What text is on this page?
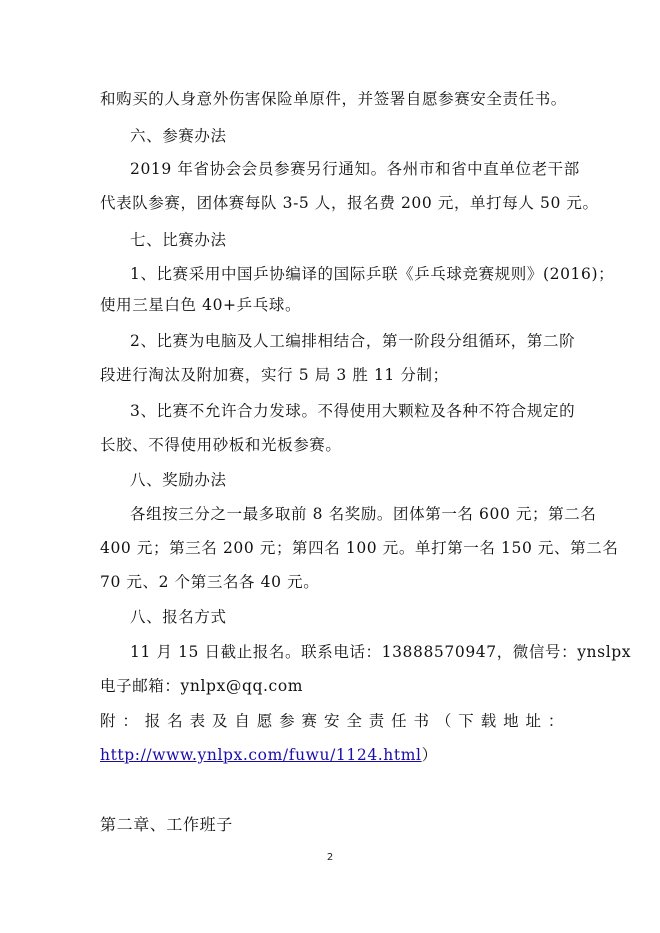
和购买的人身意外伤害保险单原件，并签署自愿参赛安全责任书。
六、参赛办法
2019 年省协会会员参赛另行通知。各州市和省中直单位老干部
代表队参赛，团体赛每队 3-5 人，报名费 200 元，单打每人 50 元。
七、比赛办法
1、比赛采用中国乒协编译的国际乒联《乒乓球竞赛规则》(2016)；
使用三星白色 40+乒乓球。
2、比赛为电脑及人工编排相结合，第一阶段分组循环，第二阶
段进行淘汰及附加赛，实行 5 局 3 胜 11 分制；
3、比赛不允许合力发球。不得使用大颗粒及各种不符合规定的
长胶、不得使用砂板和光板参赛。
八、奖励办法
各组按三分之一最多取前 8 名奖励。团体第一名 600 元；第二名
400 元；第三名 200 元；第四名 100 元。单打第一名 150 元、第二名
70 元、2 个第三名各 40 元。
八、报名方式
11 月 15 日截止报名。联系电话：13888570947，微信号：ynslpx
电子邮箱：ynlpx@qq.com
附 ： 报 名 表 及 自 愿 参 赛 安 全 责 任 书 （ 下 载 地 址 ：
http://www.ynlpx.com/fuwu/1124.html）
第二章、工作班子
2
